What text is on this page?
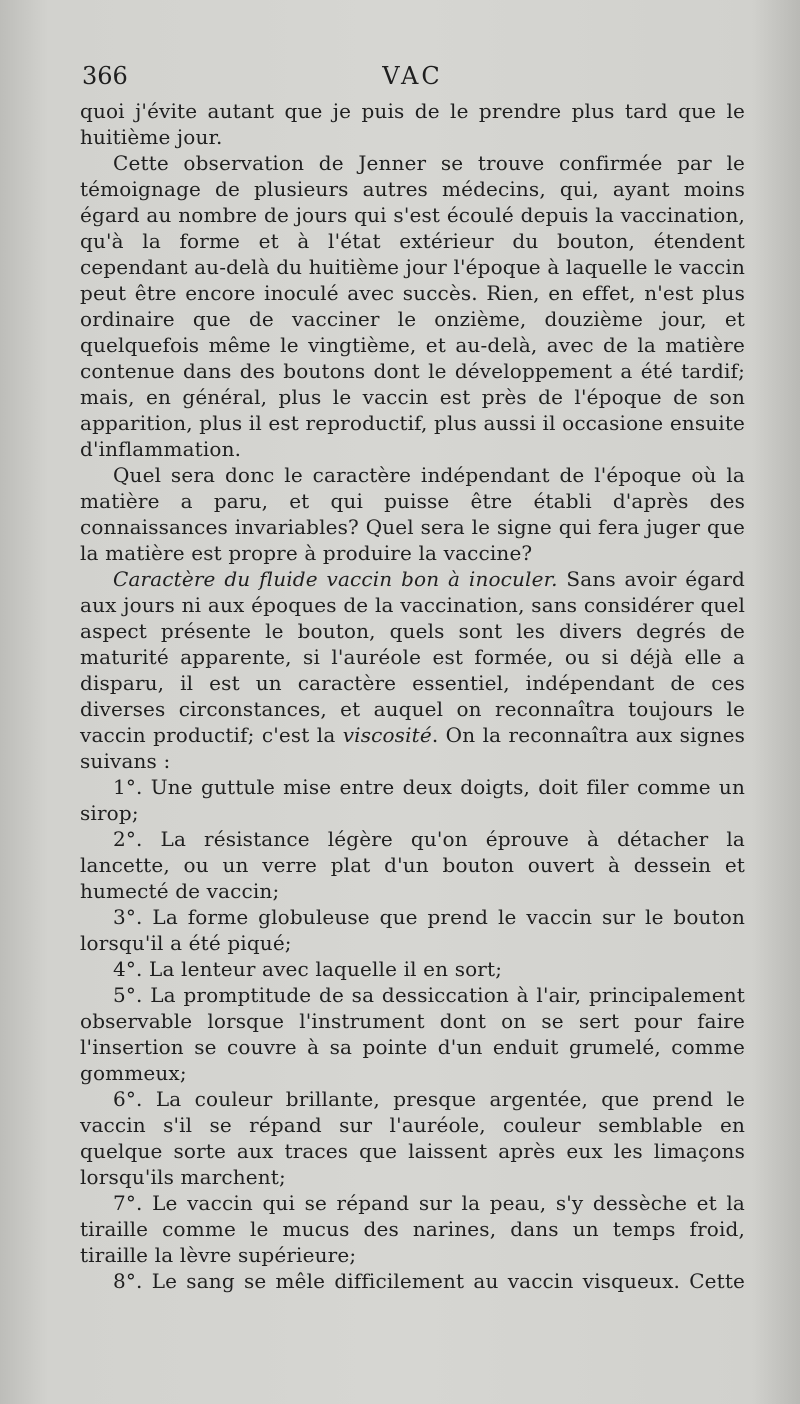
366	VAC

quoi j'évite autant que je puis de le prendre plus tard que le huitième jour.

Cette observation de Jenner se trouve confirmée par le témoignage de plusieurs autres médecins, qui, ayant moins égard au nombre de jours qui s'est écoulé depuis la vaccination, qu'à la forme et à l'état extérieur du bouton, étendent cependant au-delà du huitième jour l'époque à laquelle le vaccin peut être encore inoculé avec succès. Rien, en effet, n'est plus ordinaire que de vacciner le onzième, douzième jour, et quelquefois même le vingtième, et au-delà, avec de la matière contenue dans des boutons dont le développement a été tardif; mais, en général, plus le vaccin est près de l'époque de son apparition, plus il est reproductif, plus aussi il occasione ensuite d'inflammation.

Quel sera donc le caractère indépendant de l'époque où la matière a paru, et qui puisse être établi d'après des connaissances invariables? Quel sera le signe qui fera juger que la matière est propre à produire la vaccine?

Caractère du fluide vaccin bon à inoculer. Sans avoir égard aux jours ni aux époques de la vaccination, sans considérer quel aspect présente le bouton, quels sont les divers degrés de maturité apparente, si l'auréole est formée, ou si déjà elle a disparu, il est un caractère essentiel, indépendant de ces diverses circonstances, et auquel on reconnaîtra toujours le vaccin productif; c'est la viscosité. On la reconnaîtra aux signes suivans :

1°. Une guttule mise entre deux doigts, doit filer comme un sirop;

2°. La résistance légère qu'on éprouve à détacher la lancette, ou un verre plat d'un bouton ouvert à dessein et humecté de vaccin;

3°. La forme globuleuse que prend le vaccin sur le bouton lorsqu'il a été piqué;

4°. La lenteur avec laquelle il en sort;

5°. La promptitude de sa dessiccation à l'air, principalement observable lorsque l'instrument dont on se sert pour faire l'insertion se couvre à sa pointe d'un enduit grumelé, comme gommeux;

6°. La couleur brillante, presque argentée, que prend le vaccin s'il se répand sur l'auréole, couleur semblable en quelque sorte aux traces que laissent après eux les limaçons lorsqu'ils marchent;

7°. Le vaccin qui se répand sur la peau, s'y dessèche et la tiraille comme le mucus des narines, dans un temps froid, tiraille la lèvre supérieure;

8°. Le sang se mêle difficilement au vaccin visqueux. Cette
